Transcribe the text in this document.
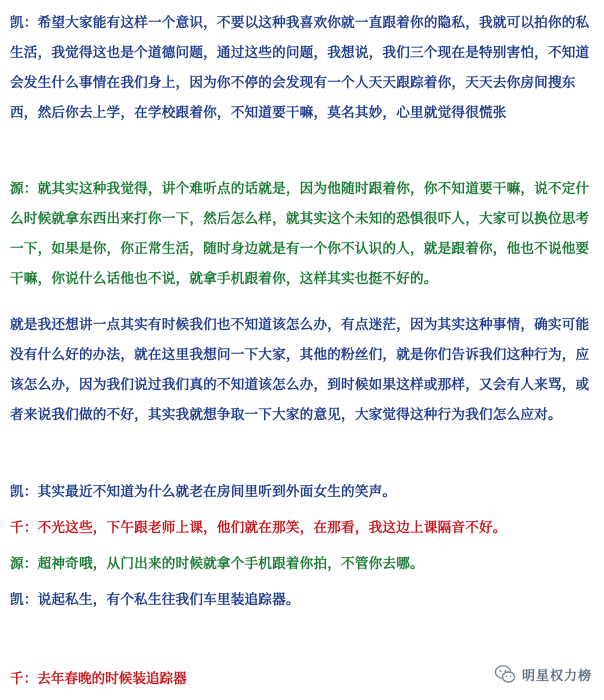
凯：希望大家能有这样一个意识，不要以这种我喜欢你就一直跟着你的隐私，我就可以拍你的私生活，我觉得这也是个道德问题，通过这些的问题，我想说，我们三个现在是特别害怕，不知道会发生什么事情在我们身上，因为你不停的会发现有一个人天天跟踪着你，天天去你房间搜东西，然后你去上学，在学校跟着你，不知道要干嘛，莫名其妙，心里就觉得很慌张

源：就其实这种我觉得，讲个难听点的话就是，因为他随时跟着你，你不知道要干嘛，说不定什么时候就拿东西出来打你一下，然后怎么样，就其实这个未知的恐惧很吓人，大家可以换位思考一下，如果是你，你正常生活，随时身边就是有一个你不认识的人，就是跟着你，他也不说他要干嘛，你说什么话他也不说，就拿手机跟着你，这样其实也挺不好的。

就是我还想讲一点其实有时候我们也不知道该怎么办，有点迷茫，因为其实这种事情，确实可能没有什么好的办法，就在这里我想问一下大家，其他的粉丝们，就是你们告诉我们这种行为，应该怎么办，因为我们说过我们真的不知道该怎么办，到时候如果这样或那样，又会有人来骂，或者来说我们做的不好，其实我就想争取一下大家的意见，大家觉得这种行为我们怎么应对。

凯：其实最近不知道为什么就老在房间里听到外面女生的笑声。

千：不光这些，下午跟老师上课，他们就在那笑，在那看，我这边上课隔音不好。

源：超神奇哦，从门出来的时候就拿个手机跟着你拍，不管你去哪。

凯：说起私生，有个私生往我们车里装追踪器。

千：去年春晚的时候装追踪器	明星权力榜
